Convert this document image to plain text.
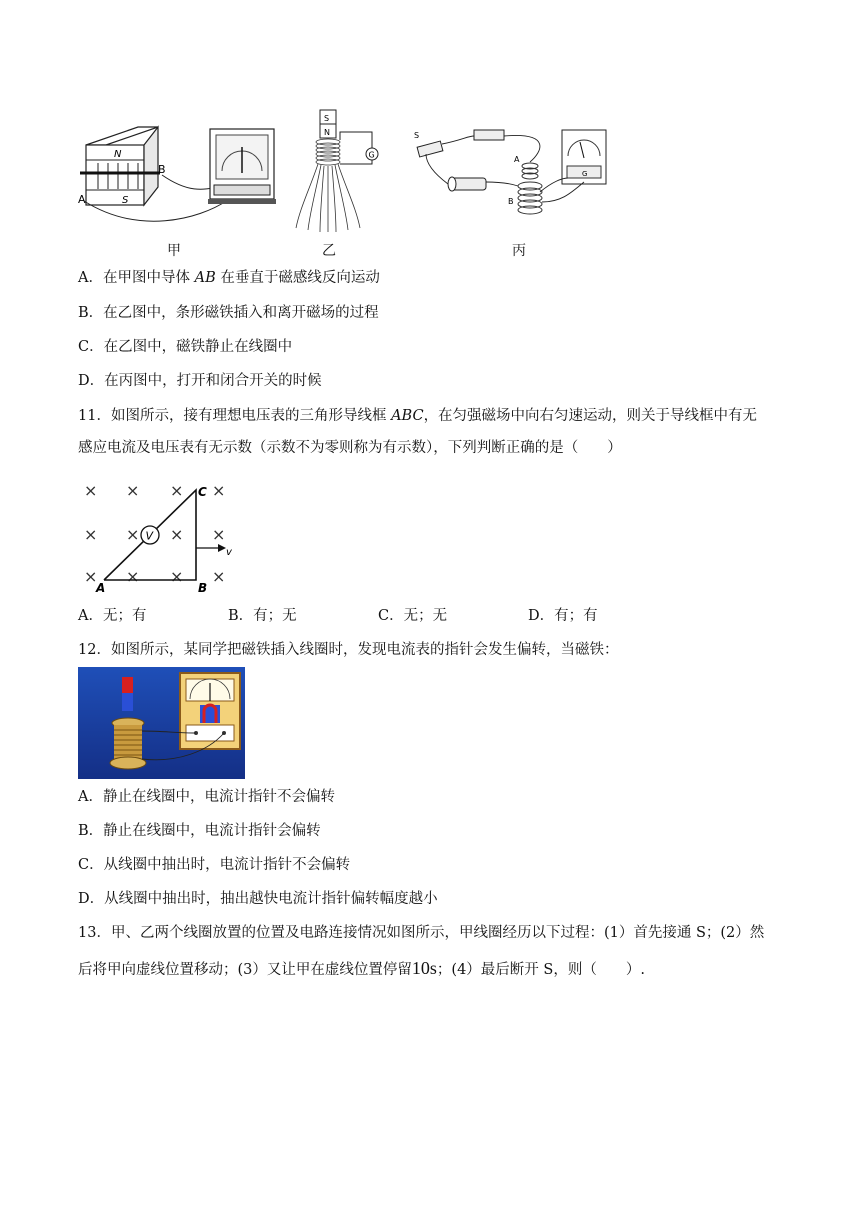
N
S
A
B
S
N
G
S
A
B
G
甲	乙	丙
A．在甲图中导体 AB 在垂直于磁感线反向运动
B．在乙图中，条形磁铁插入和离开磁场的过程
C．在乙图中，磁铁静止在线圈中
D．在丙图中，打开和闭合开关的时候
11．如图所示，接有理想电压表的三角形导线框 ABC，在匀强磁场中向右匀速运动，则关于导线框中有无
感应电流及电压表有无示数（示数不为零则称为有示数），下列判断正确的是（　　）
× × × ×
× × × ×
× × × ×
V
v
C
A	B
A．无；有	B．有；无	C．无；无	D．有；有
12．如图所示，某同学把磁铁插入线圈时，发现电流表的指针会发生偏转，当磁铁：
A．静止在线圈中，电流计指针不会偏转
B．静止在线圈中，电流计指针会偏转
C．从线圈中抽出时，电流计指针不会偏转
D．从线圈中抽出时，抽出越快电流计指针偏转幅度越小
13．甲、乙两个线圈放置的位置及电路连接情况如图所示，甲线圈经历以下过程：(1）首先接通 S；(2）然
后将甲向虚线位置移动；(3）又让甲在虚线位置停留10s；(4）最后断开 S，则（　　）.
